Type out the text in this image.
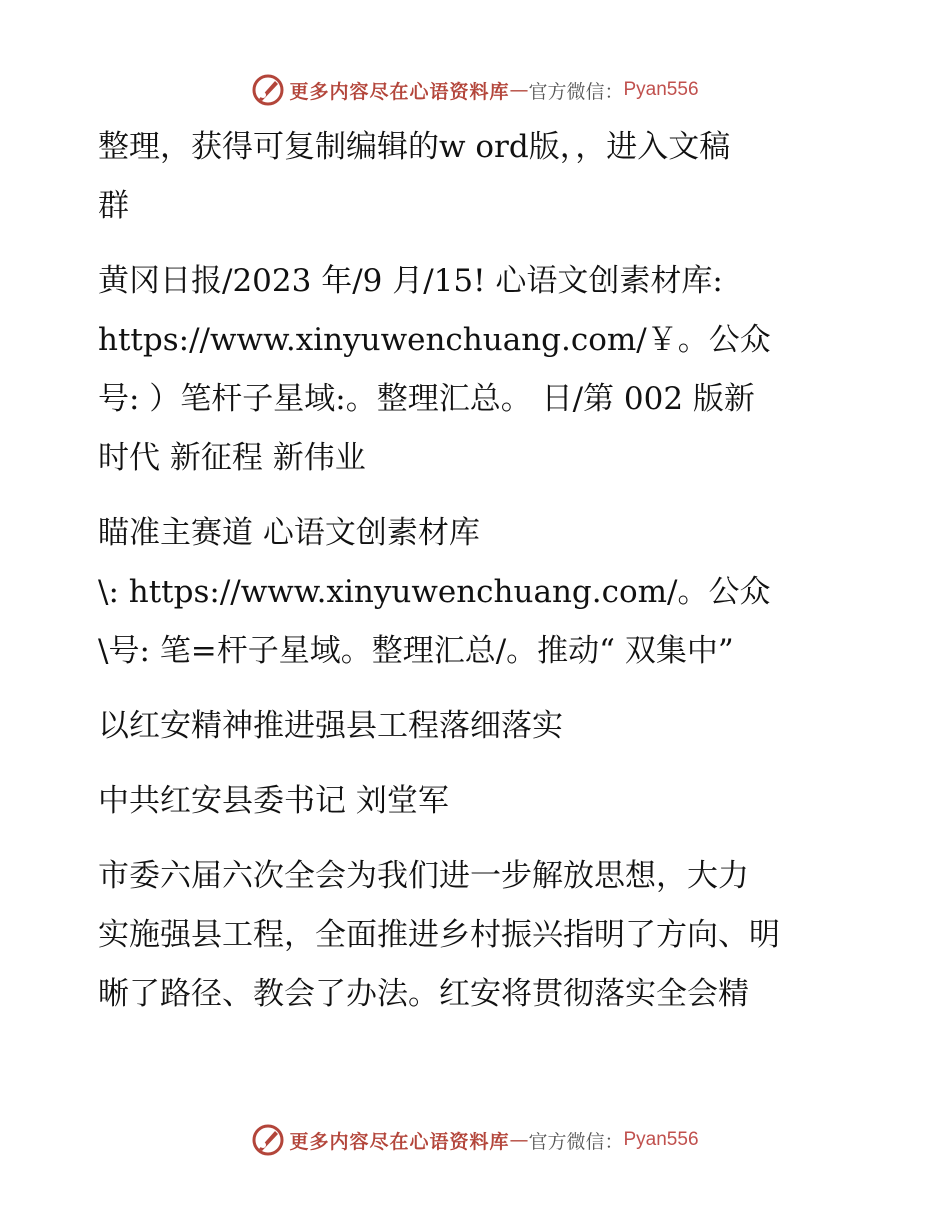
更多内容尽在心语资料库 — 官方微信： Pyan556

整理，获得可复制编辑的w ord版，，进入文稿
群

黄冈日报/2023 年/9 月/15! 心语文创素材库:
https://www.xinyuwenchuang.com/￥。公众
号: ）笔杆子星域:。整理汇总。 日/第 002 版新
时代 新征程 新伟业

瞄准主赛道 心语文创素材库
\: https://www.xinyuwenchuang.com/。公众
\号: 笔=杆子星域。整理汇总/。推动“ 双集中”

以红安精神推进强县工程落细落实

中共红安县委书记 刘堂军

市委六届六次全会为我们进一步解放思想，大力
实施强县工程，全面推进乡村振兴指明了方向、明
晰了路径、教会了办法。红安将贯彻落实全会精

更多内容尽在心语资料库 — 官方微信： Pyan556
